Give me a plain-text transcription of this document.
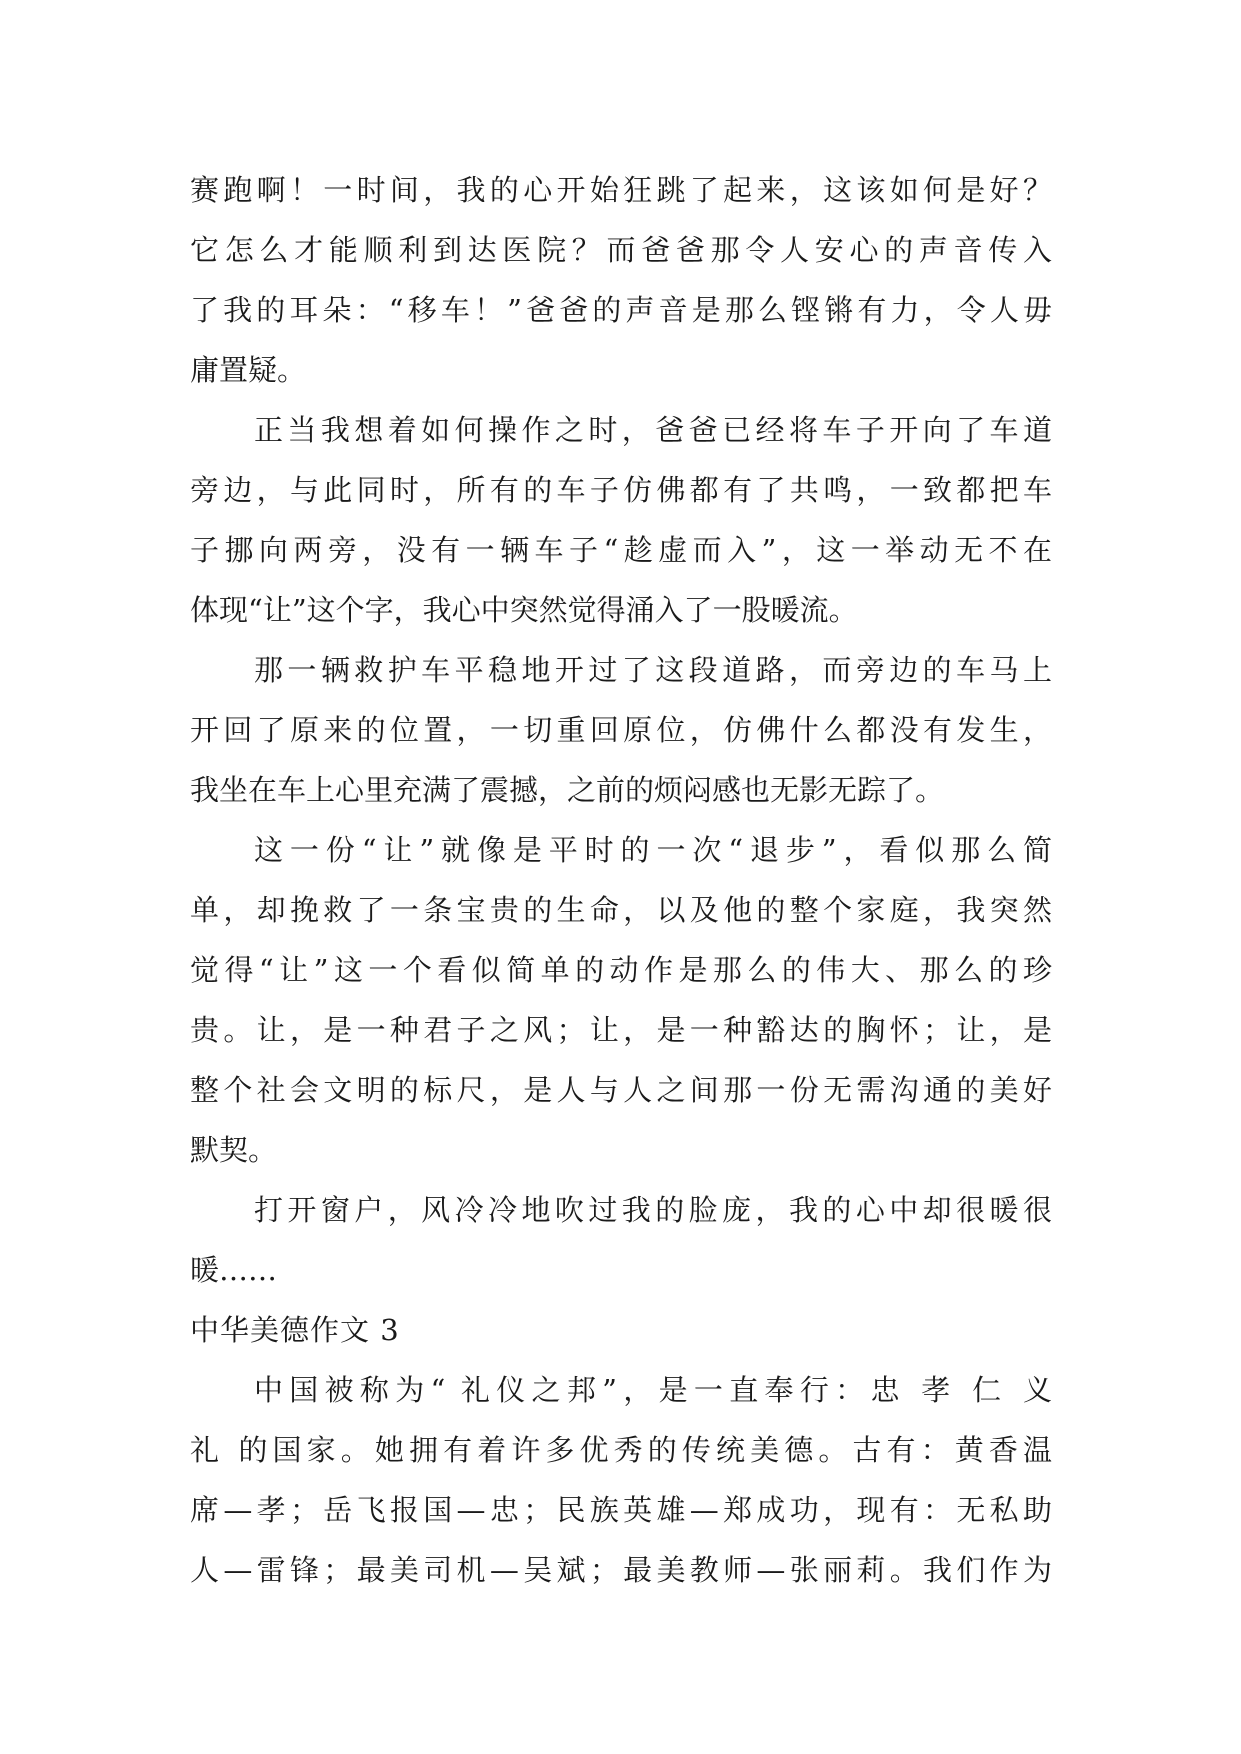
赛跑啊！一时间，我的心开始狂跳了起来，这该如何是好？
它怎么才能顺利到达医院？而爸爸那令人安心的声音传入
了我的耳朵：“移车！”爸爸的声音是那么铿锵有力，令人毋
庸置疑。
正当我想着如何操作之时，爸爸已经将车子开向了车道
旁边，与此同时，所有的车子仿佛都有了共鸣，一致都把车
子挪向两旁，没有一辆车子“趁虚而入”，这一举动无不在
体现“让”这个字，我心中突然觉得涌入了一股暖流。
那一辆救护车平稳地开过了这段道路，而旁边的车马上
开回了原来的位置，一切重回原位，仿佛什么都没有发生，
我坐在车上心里充满了震撼，之前的烦闷感也无影无踪了。
这一份“让”就像是平时的一次“退步”，看似那么简
单，却挽救了一条宝贵的生命，以及他的整个家庭，我突然
觉得“让”这一个看似简单的动作是那么的伟大、那么的珍
贵。让，是一种君子之风；让，是一种豁达的胸怀；让，是
整个社会文明的标尺，是人与人之间那一份无需沟通的美好
默契。
打开窗户，风冷冷地吹过我的脸庞，我的心中却很暖很
暖……
中华美德作文 3
中国被称为“ 礼仪之邦”，是一直奉行：忠 孝 仁 义
礼 的国家。她拥有着许多优秀的传统美德。古有：黄香温
席—孝；岳飞报国—忠；民族英雄—郑成功，现有：无私助
人—雷锋；最美司机—吴斌；最美教师—张丽莉。我们作为
